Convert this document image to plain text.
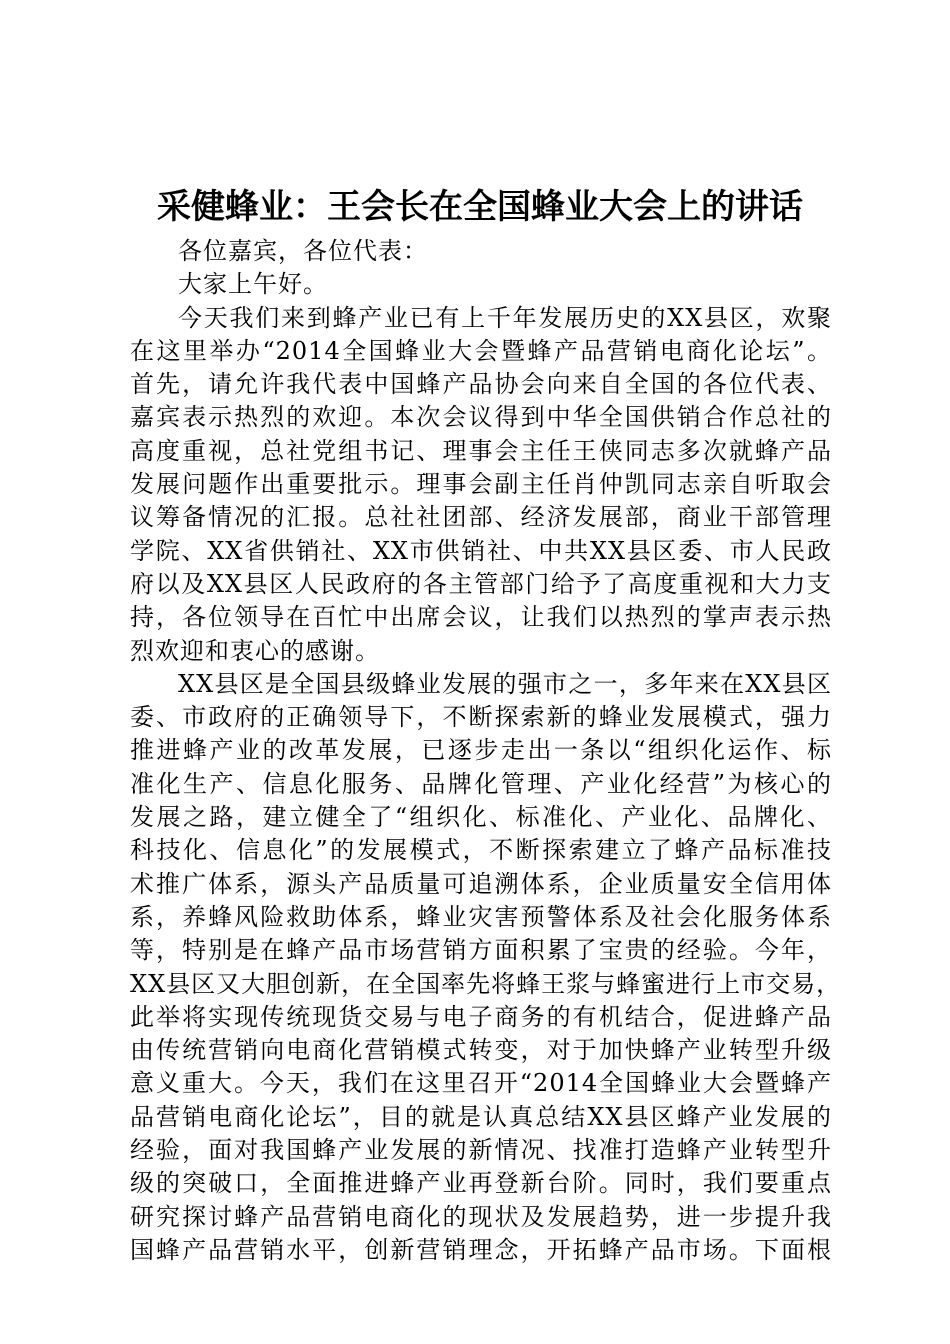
采健蜂业：王会长在全国蜂业大会上的讲话
各位嘉宾，各位代表：
大家上午好。
今天我们来到蜂产业已有上千年发展历史的XX县区，欢聚
在这里举办“2014全国蜂业大会暨蜂产品营销电商化论坛”。
首先，请允许我代表中国蜂产品协会向来自全国的各位代表、
嘉宾表示热烈的欢迎。本次会议得到中华全国供销合作总社的
高度重视，总社党组书记、理事会主任王侠同志多次就蜂产品
发展问题作出重要批示。理事会副主任肖仲凯同志亲自听取会
议筹备情况的汇报。总社社团部、经济发展部，商业干部管理
学院、XX省供销社、XX市供销社、中共XX县区委、市人民政
府以及XX县区人民政府的各主管部门给予了高度重视和大力支
持，各位领导在百忙中出席会议，让我们以热烈的掌声表示热
烈欢迎和衷心的感谢。
XX县区是全国县级蜂业发展的强市之一，多年来在XX县区
委、市政府的正确领导下，不断探索新的蜂业发展模式，强力
推进蜂产业的改革发展，已逐步走出一条以“组织化运作、标
准化生产、信息化服务、品牌化管理、产业化经营”为核心的
发展之路，建立健全了“组织化、标准化、产业化、品牌化、
科技化、信息化”的发展模式，不断探索建立了蜂产品标准技
术推广体系，源头产品质量可追溯体系，企业质量安全信用体
系，养蜂风险救助体系，蜂业灾害预警体系及社会化服务体系
等，特别是在蜂产品市场营销方面积累了宝贵的经验。今年，
XX县区又大胆创新，在全国率先将蜂王浆与蜂蜜进行上市交易，
此举将实现传统现货交易与电子商务的有机结合，促进蜂产品
由传统营销向电商化营销模式转变，对于加快蜂产业转型升级
意义重大。今天，我们在这里召开“2014全国蜂业大会暨蜂产
品营销电商化论坛”，目的就是认真总结XX县区蜂产业发展的
经验，面对我国蜂产业发展的新情况、找准打造蜂产业转型升
级的突破口，全面推进蜂产业再登新台阶。同时，我们要重点
研究探讨蜂产品营销电商化的现状及发展趋势，进一步提升我
国蜂产品营销水平，创新营销理念，开拓蜂产品市场。下面根
